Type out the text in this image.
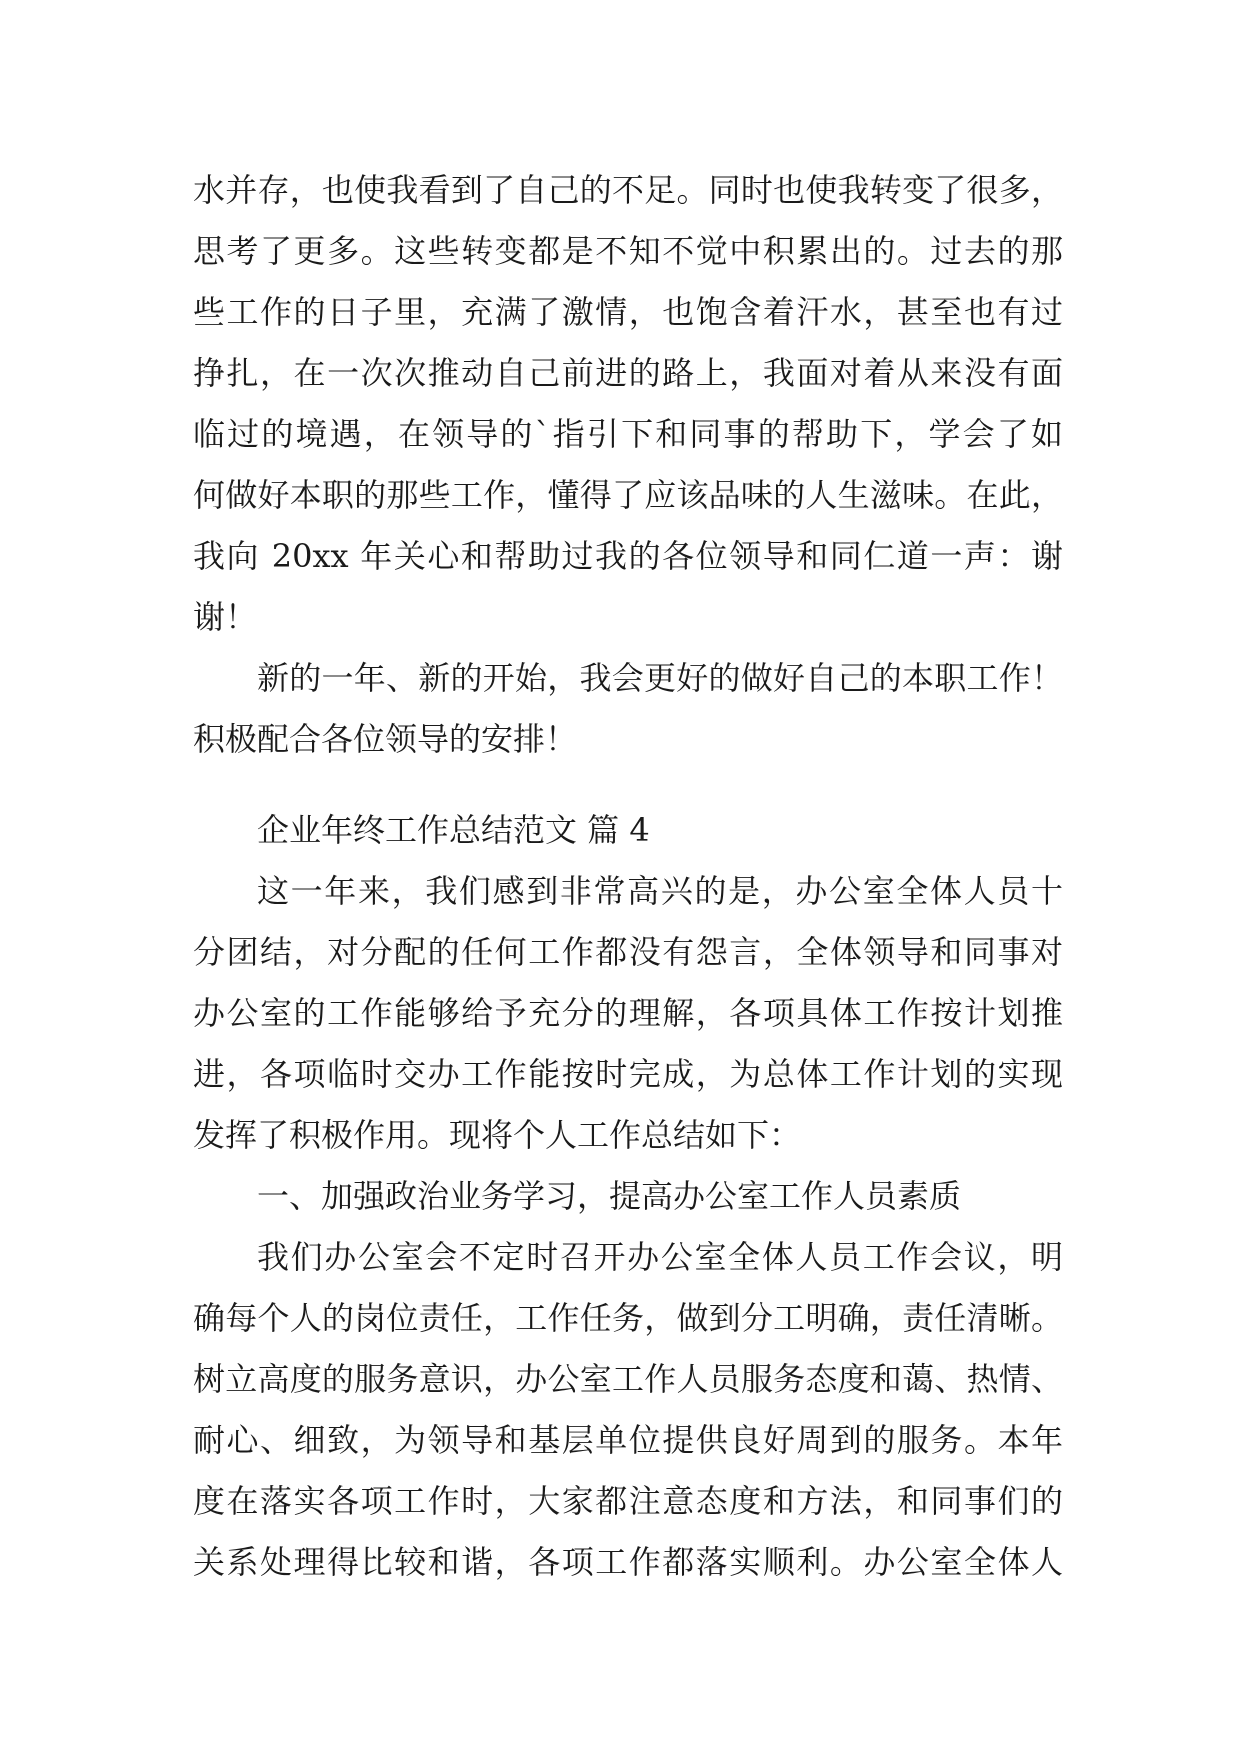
水并存，也使我看到了自己的不足。同时也使我转变了很多，
思考了更多。这些转变都是不知不觉中积累出的。过去的那
些工作的日子里，充满了激情，也饱含着汗水，甚至也有过
挣扎，在一次次推动自己前进的路上，我面对着从来没有面
临过的境遇，在领导的`指引下和同事的帮助下，学会了如
何做好本职的那些工作，懂得了应该品味的人生滋味。在此，
我向 20xx 年关心和帮助过我的各位领导和同仁道一声：谢
谢！
新的一年、新的开始，我会更好的做好自己的本职工作！
积极配合各位领导的安排！
企业年终工作总结范文 篇 4
这一年来，我们感到非常高兴的是，办公室全体人员十
分团结，对分配的任何工作都没有怨言，全体领导和同事对
办公室的工作能够给予充分的理解，各项具体工作按计划推
进，各项临时交办工作能按时完成，为总体工作计划的实现
发挥了积极作用。现将个人工作总结如下：
一、加强政治业务学习，提高办公室工作人员素质
我们办公室会不定时召开办公室全体人员工作会议，明
确每个人的岗位责任，工作任务，做到分工明确，责任清晰。
树立高度的服务意识，办公室工作人员服务态度和蔼、热情、
耐心、细致，为领导和基层单位提供良好周到的服务。本年
度在落实各项工作时，大家都注意态度和方法，和同事们的
关系处理得比较和谐，各项工作都落实顺利。办公室全体人
